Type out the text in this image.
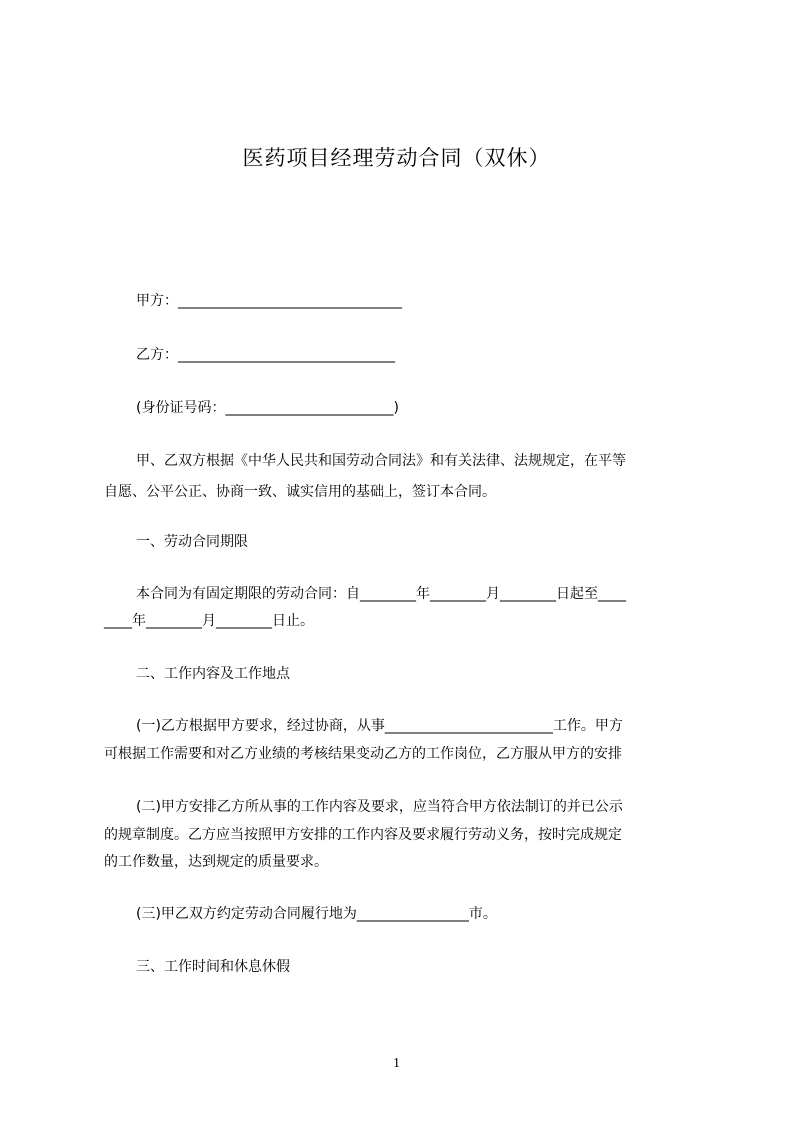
医药项目经理劳动合同（双休）
甲方：________________________________
乙方：_______________________________
(身份证号码：________________________)
甲、乙双方根据《中华人民共和国劳动合同法》和有关法律、法规规定，在平等
自愿、公平公正、协商一致、诚实信用的基础上，签订本合同。
一、劳动合同期限
本合同为有固定期限的劳动合同：自________年________月________日起至____
____年________月________日止。
二、工作内容及工作地点
(一)乙方根据甲方要求，经过协商，从事________________________工作。甲方
可根据工作需要和对乙方业绩的考核结果变动乙方的工作岗位，乙方服从甲方的安排
(二)甲方安排乙方所从事的工作内容及要求，应当符合甲方依法制订的并已公示
的规章制度。乙方应当按照甲方安排的工作内容及要求履行劳动义务，按时完成规定
的工作数量，达到规定的质量要求。
(三)甲乙双方约定劳动合同履行地为________________市。
三、工作时间和休息休假
1
